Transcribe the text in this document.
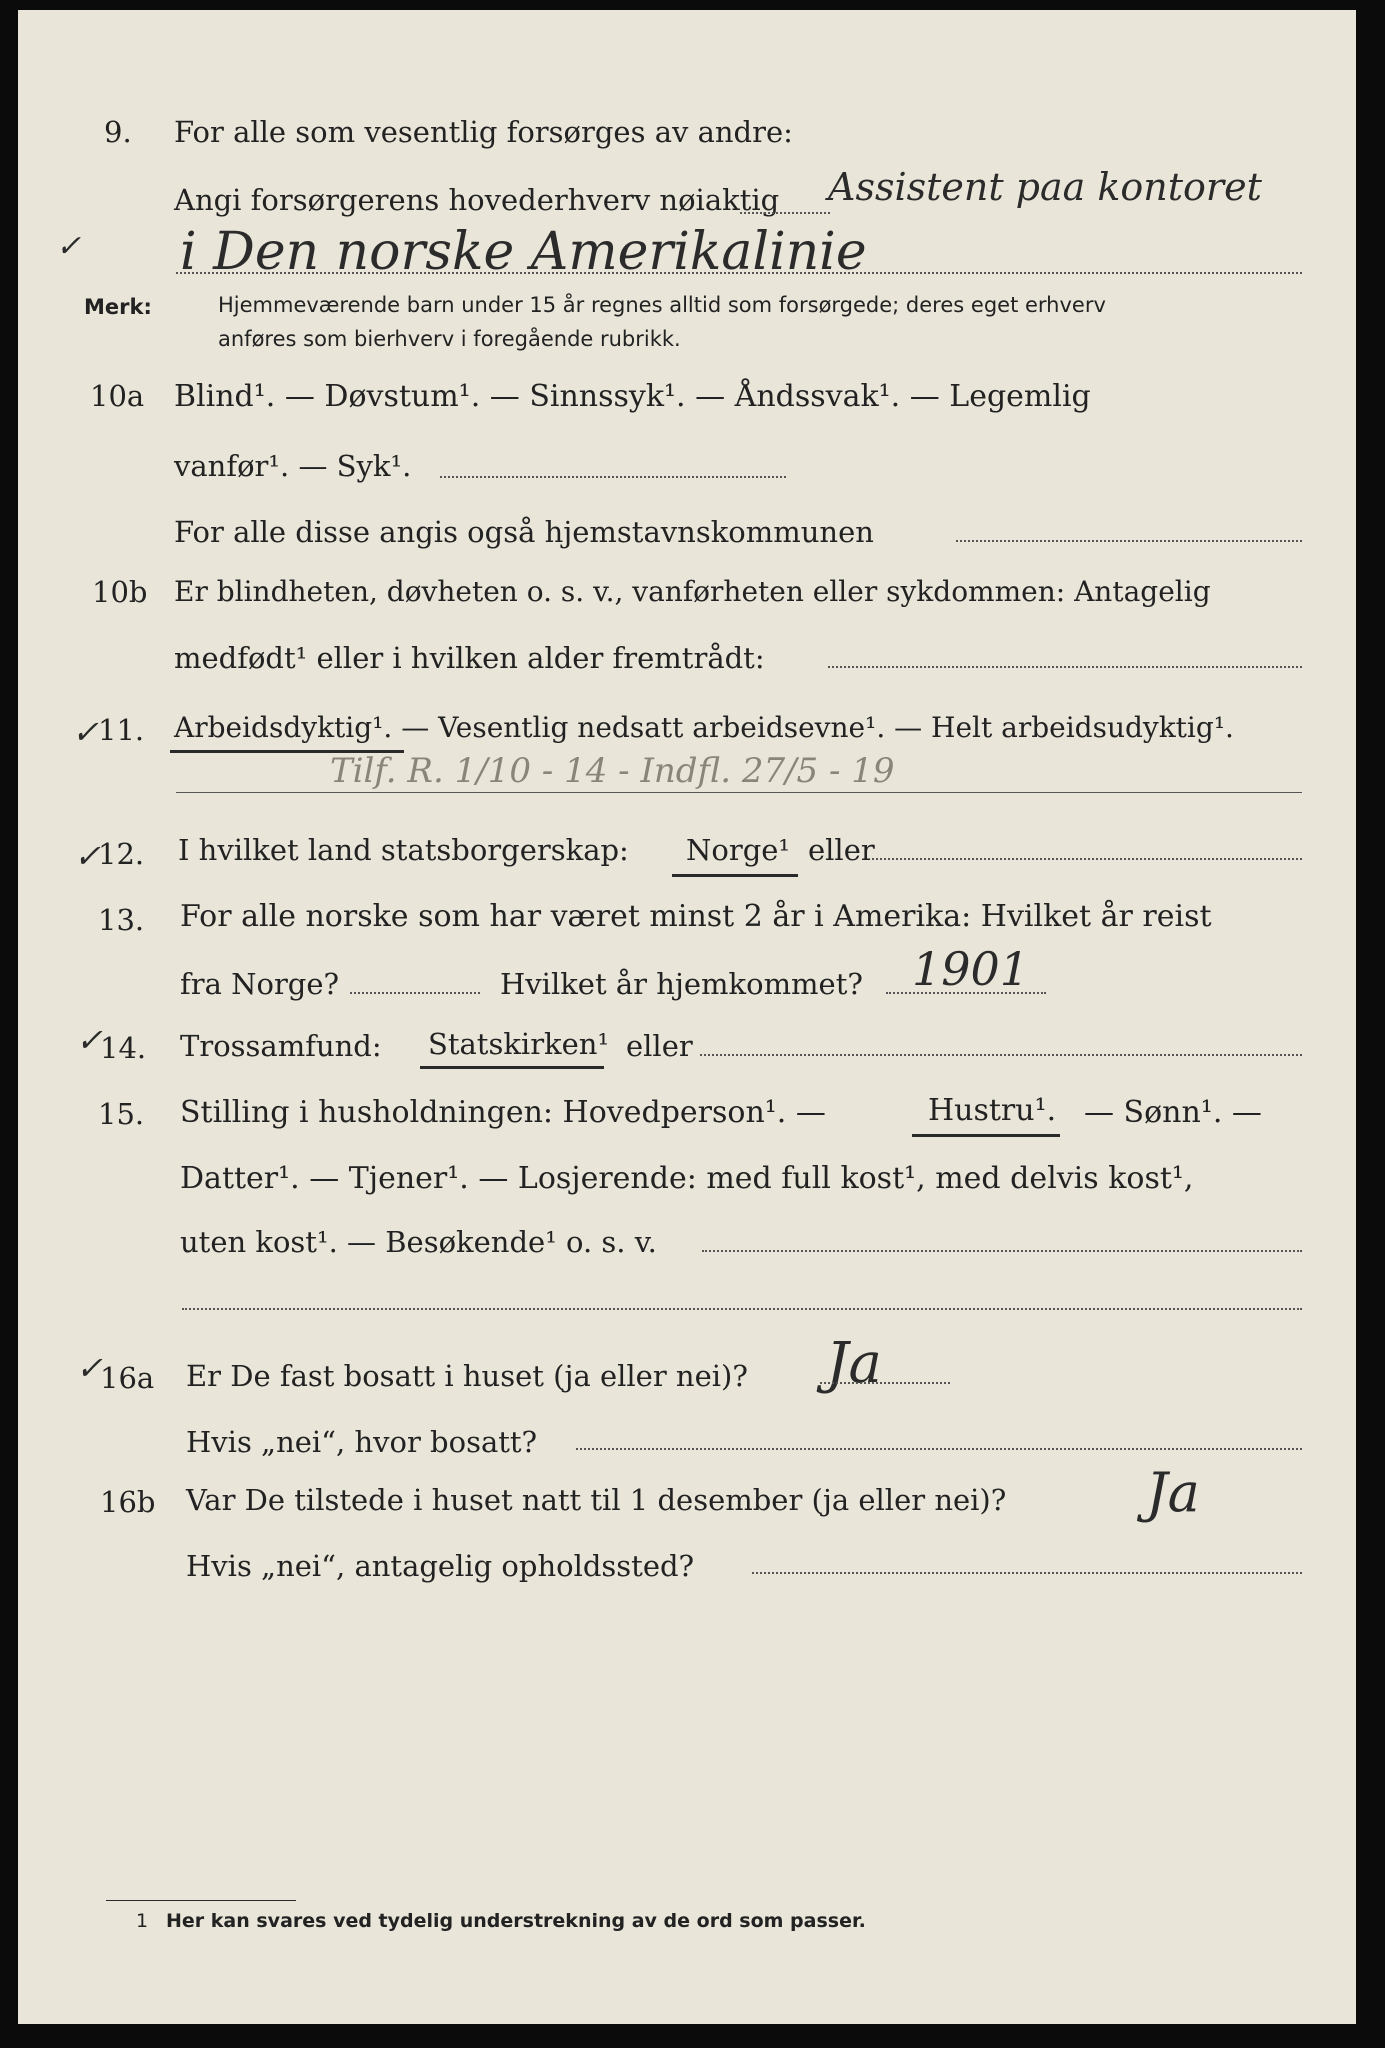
9. For alle som vesentlig forsørges av andre:
Angi forsørgerens hovederhverv nøiaktig Assistent paa kontoret
✓ i Den norske Amerikalinie
Merk:	Hjemmeværende barn under 15 år regnes alltid som forsørgede; deres eget erhverv
anføres som bierhverv i foregående rubrikk.
10a Blind¹. — Døvstum¹. — Sinnssyk¹. — Åndssvak¹. — Legemlig
vanfør¹. — Syk¹.
For alle disse angis også hjemstavnskommunen
10b Er blindheten, døvheten o. s. v., vanførheten eller sykdommen: Antagelig
medfødt¹ eller i hvilken alder fremtrådt:
✓ 11. Arbeidsdyktig¹. — Vesentlig nedsatt arbeidsevne¹. — Helt arbeidsudyktig¹.
Tilf. R. 1/10 - 14 - Indfl. 27/5 - 19
✓
12. I hvilket land statsborgerskap: Norge¹ eller
13. For alle norske som har været minst 2 år i Amerika: Hvilket år reist
fra Norge?	Hvilket år hjemkommet? 1901
✓
14. Trossamfund: Statskirken¹ eller
15. Stilling i husholdningen: Hovedperson¹. —	Hustru¹. — Sønn¹. —
Datter¹. — Tjener¹. — Losjerende: med full kost¹, med delvis kost¹,
uten kost¹. — Besøkende¹ o. s. v.
✓
16a Er De fast bosatt i huset (ja eller nei)? Ja
Hvis „nei“, hvor bosatt?
16b Var De tilstede i huset natt til 1 desember (ja eller nei)?	Ja
Hvis „nei“, antagelig opholdssted?
1 Her kan svares ved tydelig understrekning av de ord som passer.
